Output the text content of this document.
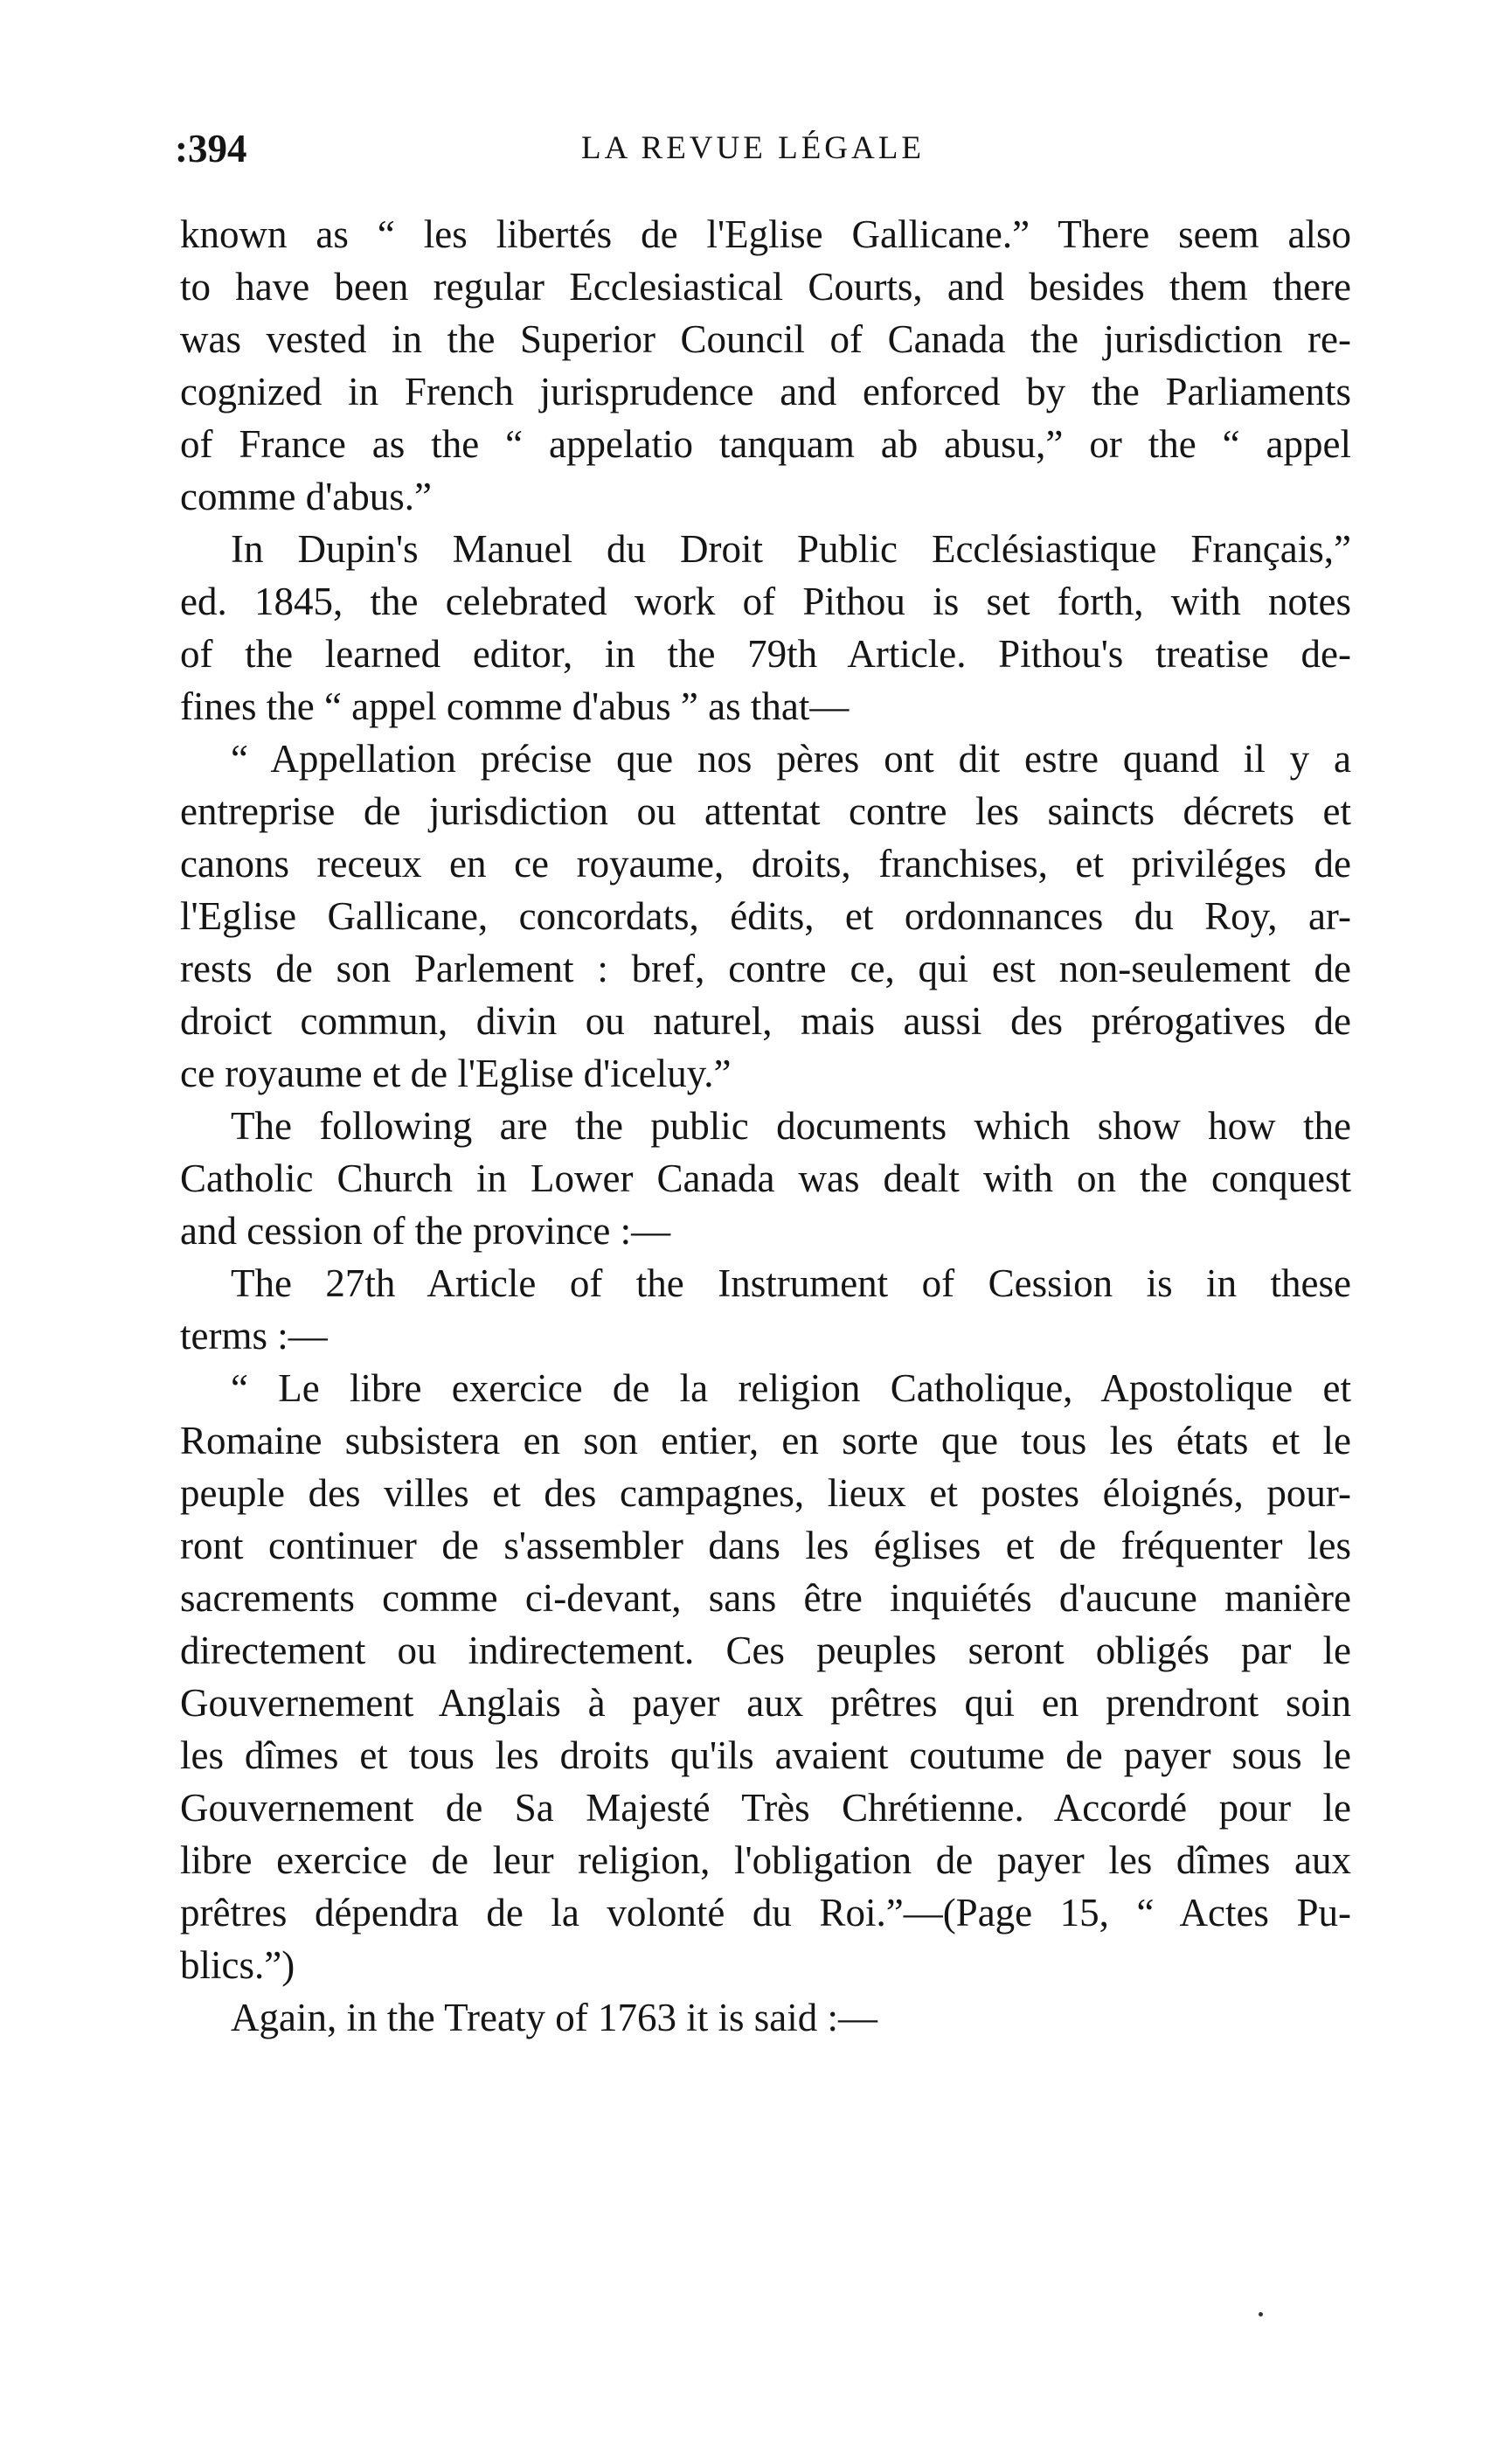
:394	LA REVUE LÉGALE
known as “ les libertés de l'Eglise Gallicane.” There seem also
to have been regular Ecclesiastical Courts, and besides them there
was vested in the Superior Council of Canada the jurisdiction re-
cognized in French jurisprudence and enforced by the Parliaments
of France as the “ appelatio tanquam ab abusu,” or the “ appel
comme d'abus.”
In Dupin's Manuel du Droit Public Ecclésiastique Français,”
ed. 1845, the celebrated work of Pithou is set forth, with notes
of the learned editor, in the 79th Article. Pithou's treatise de-
fines the “ appel comme d'abus ” as that—
“ Appellation précise que nos pères ont dit estre quand il y a
entreprise de jurisdiction ou attentat contre les saincts décrets et
canons receux en ce royaume, droits, franchises, et priviléges de
l'Eglise Gallicane, concordats, édits, et ordonnances du Roy, ar-
rests de son Parlement : bref, contre ce, qui est non-seulement de
droict commun, divin ou naturel, mais aussi des prérogatives de
ce royaume et de l'Eglise d'iceluy.”
The following are the public documents which show how the
Catholic Church in Lower Canada was dealt with on the conquest
and cession of the province :—
The 27th Article of the Instrument of Cession is in these
terms :—
“ Le libre exercice de la religion Catholique, Apostolique et
Romaine subsistera en son entier, en sorte que tous les états et le
peuple des villes et des campagnes, lieux et postes éloignés, pour-
ront continuer de s'assembler dans les églises et de fréquenter les
sacrements comme ci-devant, sans être inquiétés d'aucune manière
directement ou indirectement. Ces peuples seront obligés par le
Gouvernement Anglais à payer aux prêtres qui en prendront soin
les dîmes et tous les droits qu'ils avaient coutume de payer sous le
Gouvernement de Sa Majesté Très Chrétienne. Accordé pour le
libre exercice de leur religion, l'obligation de payer les dîmes aux
prêtres dépendra de la volonté du Roi.”—(Page 15, “ Actes Pu-
blics.”)
Again, in the Treaty of 1763 it is said :—
